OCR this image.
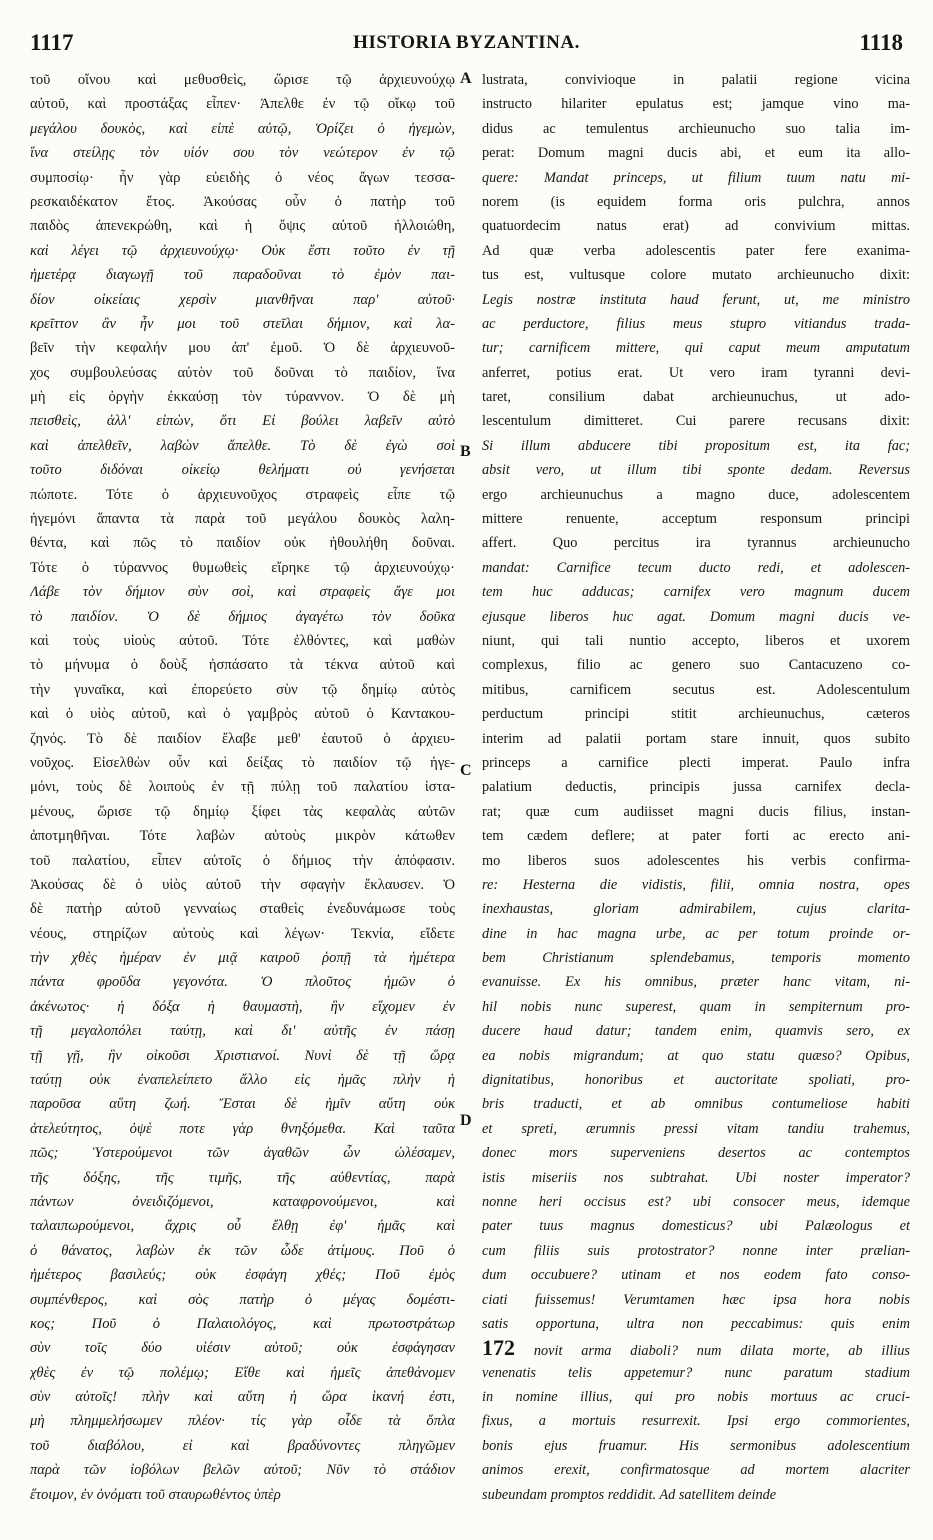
1117	HISTORIA BYZANTINA.	1118
τοῦ οἴνου καὶ μεθυσθεὶς, ὥρισε τῷ ἀρχιευνούχῳ
αὐτοῦ, καὶ προστάξας εἶπεν· Ἀπελθε ἐν τῷ οἴκῳ τοῦ
μεγάλου δουκὸς, καὶ εἰπὲ αὐτῷ, Ὁρίζει ὁ ἡγεμὼν,
ἵνα στείλῃς τὸν υἱόν σου τὸν νεώτερον ἐν τῷ
συμποσίῳ· ἦν γὰρ εὐειδὴς ὁ νέος ἄγων τεσσα-
ρεσκαιδέκατον ἔτος. Ἀκούσας οὖν ὁ πατὴρ τοῦ
παιδὸς ἀπενεκρώθη, καὶ ἡ ὄψις αὐτοῦ ἠλλοιώθη,
καὶ λέγει τῷ ἀρχιευνούχῳ· Οὐκ ἔστι τοῦτο ἐν τῇ
ἡμετέρᾳ διαγωγῇ τοῦ παραδοῦναι τὸ ἐμὸν παι-
δίον οἰκείαις χερσὶν μιανθῆναι παρ' αὐτοῦ·
κρεῖττον ἂν ἦν μοι τοῦ στεῖλαι δήμιον, καὶ λα-
βεῖν τὴν κεφαλήν μου ἀπ' ἐμοῦ. Ὁ δὲ ἀρχιευνοῦ-
χος συμβουλεύσας αὐτὸν τοῦ δοῦναι τὸ παιδίον, ἵνα
μὴ εἰς ὀργὴν ἐκκαύσῃ τὸν τύραννον. Ὁ δὲ μὴ
πεισθεὶς, ἀλλ' εἰπὼν, ὅτι Εἰ βούλει λαβεῖν αὐτὸ
καὶ ἀπελθεῖν, λαβὼν ἄπελθε. Τὸ δὲ ἐγὼ σοὶ
τοῦτο διδόναι οἰκείῳ θελήματι οὐ γενήσεται
πώποτε. Τότε ὁ ἀρχιευνοῦχος στραφεὶς εἶπε τῷ
ἡγεμόνι ἅπαντα τὰ παρὰ τοῦ μεγάλου δουκὸς λαλη-
θέντα, καὶ πῶς τὸ παιδίον οὐκ ἠθουλήθη δοῦναι.
Τότε ὁ τύραννος θυμωθεὶς εἴρηκε τῷ ἀρχιευνούχῳ·
Λάβε τὸν δήμιον σὺν σοὶ, καὶ στραφεὶς ἄγε μοι
τὸ παιδίον. Ὁ δὲ δήμιος ἀγαγέτω τὸν δοῦκα
καὶ τοὺς υἱοὺς αὐτοῦ. Τότε ἐλθόντες, καὶ μαθὼν
τὸ μήνυμα ὁ δοὺξ ἠσπάσατο τὰ τέκνα αὐτοῦ καὶ
τὴν γυναῖκα, καὶ ἐπορεύετο σὺν τῷ δημίῳ αὐτὸς
καὶ ὁ υἱὸς αὐτοῦ, καὶ ὁ γαμβρὸς αὐτοῦ ὁ Καντακου-
ζηνός. Τὸ δὲ παιδίον ἔλαβε μεθ' ἑαυτοῦ ὁ ἀρχιευ-
νοῦχος. Εἰσελθὼν οὖν καὶ δείξας τὸ παιδίον τῷ ἡγε-
μόνι, τοὺς δὲ λοιποὺς ἐν τῇ πύλῃ τοῦ παλατίου ἱστα-
μένους, ὥρισε τῷ δημίῳ ξίφει τὰς κεφαλὰς αὐτῶν
ἀποτμηθῆναι. Τότε λαβὼν αὐτοὺς μικρὸν κάτωθεν
τοῦ παλατίου, εἶπεν αὐτοῖς ὁ δήμιος τὴν ἀπόφασιν.
Ἀκούσας δὲ ὁ υἱὸς αὐτοῦ τὴν σφαγὴν ἔκλαυσεν. Ὁ
δὲ πατὴρ αὐτοῦ γενναίως σταθεὶς ἐνεδυνάμωσε τοὺς
νέους, στηρίζων αὐτοὺς καὶ λέγων· Τεκνία, εἴδετε
τὴν χθὲς ἡμέραν ἐν μιᾷ καιροῦ ῥοπῇ τὰ ἡμέτερα
πάντα φροῦδα γεγονότα. Ὁ πλοῦτος ἡμῶν ὁ
ἀκένωτος· ἡ δόξα ἡ θαυμαστὴ, ἣν εἴχομεν ἐν
τῇ μεγαλοπόλει ταύτῃ, καὶ δι' αὐτῆς ἐν πάσῃ
τῇ γῇ, ἣν οἰκοῦσι Χριστιανοί. Νυνὶ δὲ τῇ ὥρᾳ
ταύτῃ οὐκ ἐναπελείπετο ἄλλο εἰς ἡμᾶς πλὴν ἡ
παροῦσα αὕτη ζωή. Ἔσται δὲ ἡμῖν αὕτη οὐκ
ἀτελεύτητος, ὀψὲ ποτε γὰρ θνηξόμεθα. Καὶ ταῦτα
πῶς; Ὑστερούμενοι τῶν ἀγαθῶν ὧν ὠλέσαμεν,
τῆς δόξης, τῆς τιμῆς, τῆς αὐθεντίας, παρὰ
πάντων ὀνειδιζόμενοι, καταφρονούμενοι, καὶ
ταλαιπωρούμενοι, ἄχρις οὗ ἔλθῃ ἐφ' ἡμᾶς καὶ
ὁ θάνατος, λαβὼν ἐκ τῶν ὧδε ἀτίμους. Ποῦ ὁ
ἡμέτερος βασιλεύς; οὐκ ἐσφάγη χθές; Ποῦ ἐμὸς
συμπένθερος, καὶ σὸς πατὴρ ὁ μέγας δομέστι-
κος; Ποῦ ὁ Παλαιολόγος, καὶ πρωτοστράτωρ
σὺν τοῖς δύο υἱέσιν αὐτοῦ; οὐκ ἐσφάγησαν
χθὲς ἐν τῷ πολέμῳ; Εἴθε καὶ ἡμεῖς ἀπεθάνομεν
σὺν αὐτοῖς! πλὴν καὶ αὕτη ἡ ὥρα ἱκανή ἐστι,
μὴ πλημμελήσωμεν πλέον· τίς γὰρ οἶδε τὰ ὅπλα
τοῦ διαβόλου, εἰ καὶ βραδύνοντες πληγῶμεν
παρὰ τῶν ἰοβόλων βελῶν αὐτοῦ; Νῦν τὸ στάδιον
ἕτοιμον, ἐν ὀνόματι τοῦ σταυρωθέντος ὑπὲρ
A
B
C
D
lustrata, convivioque in palatii regione vicina
instructo hilariter epulatus est; jamque vino ma-
didus ac temulentus archieunucho suo talia im-
perat: Domum magni ducis abi, et eum ita allo-
quere: Mandat princeps, ut filium tuum natu mi-
norem (is equidem forma oris pulchra, annos
quatuordecim natus erat) ad convivium mittas.
Ad quæ verba adolescentis pater fere exanima-
tus est, vultusque colore mutato archieunucho dixit:
Legis nostræ instituta haud ferunt, ut, me ministro
ac perductore, filius meus stupro vitiandus trada-
tur; carnificem mittere, qui caput meum amputatum
anferret, potius erat. Ut vero iram tyranni devi-
taret, consilium dabat archieunuchus, ut ado-
lescentulum dimitteret. Cui parere recusans dixit:
Si illum abducere tibi propositum est, ita fac;
absit vero, ut illum tibi sponte dedam. Reversus
ergo archieunuchus a magno duce, adolescentem
mittere renuente, acceptum responsum principi
affert. Quo percitus ira tyrannus archieunucho
mandat: Carnifice tecum ducto redi, et adolescen-
tem huc adducas; carnifex vero magnum ducem
ejusque liberos huc agat. Domum magni ducis ve-
niunt, qui tali nuntio accepto, liberos et uxorem
complexus, filio ac genero suo Cantacuzeno co-
mitibus, carnificem secutus est. Adolescentulum
perductum principi stitit archieunuchus, cæteros
interim ad palatii portam stare innuit, quos subito
princeps a carnifice plecti imperat. Paulo infra
palatium deductis, principis jussa carnifex decla-
rat; quæ cum audiisset magni ducis filius, instan-
tem cædem deflere; at pater forti ac erecto ani-
mo liberos suos adolescentes his verbis confirma-
re: Hesterna die vidistis, filii, omnia nostra, opes
inexhaustas, gloriam admirabilem, cujus clarita-
dine in hac magna urbe, ac per totum proinde or-
bem Christianum splendebamus, temporis momento
evanuisse. Ex his omnibus, præter hanc vitam, ni-
hil nobis nunc superest, quam in sempiternum pro-
ducere haud datur; tandem enim, quamvis sero, ex
ea nobis migrandum; at quo statu quæso? Opibus,
dignitatibus, honoribus et auctoritate spoliati, pro-
bris traducti, et ab omnibus contumeliose habiti
et spreti, ærumnis pressi vitam tandiu trahemus,
donec mors superveniens desertos ac contemptos
istis miseriis nos subtrahat. Ubi noster imperator?
nonne heri occisus est? ubi consocer meus, idemque
pater tuus magnus domesticus? ubi Palæologus et
cum filiis suis protostrator? nonne inter prælian-
dum occubuere? utinam et nos eodem fato conso-
ciati fuissemus! Verumtamen hæc ipsa hora nobis
satis opportuna, ultra non peccabimus: quis enim
172 novit arma diaboli? num dilata morte, ab illius
venenatis telis appetemur? nunc paratum stadium
in nomine illius, qui pro nobis mortuus ac cruci-
fixus, a mortuis resurrexit. Ipsi ergo commorientes,
bonis ejus fruamur. His sermonibus adolescentium
animos erexit, confirmatosque ad mortem alacriter
subeundam promptos reddidit. Ad satellitem deinde
